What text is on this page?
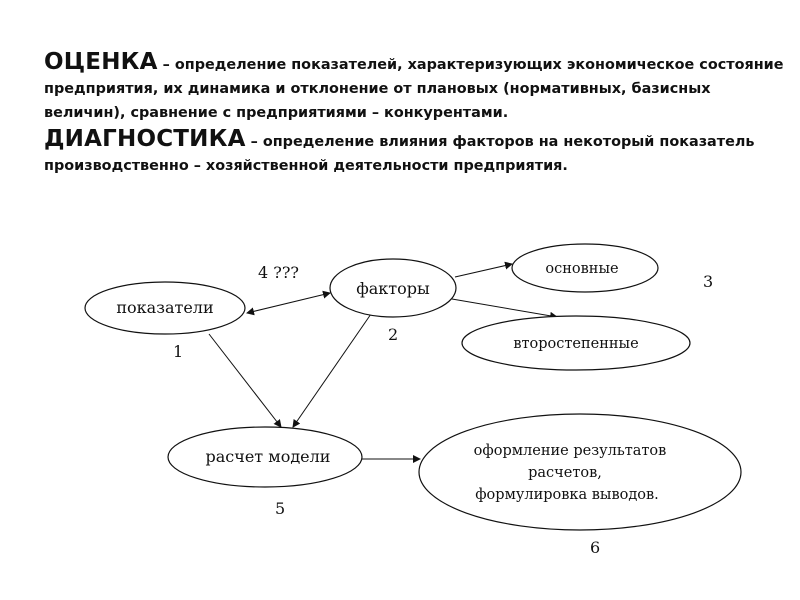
ОЦЕНКА – определение показателей, характеризующих экономическое состояние предприятия, их динамика и отклонение от плановых (нормативных, базисных величин), сравнение с предприятиями – конкурентами.

ДИАГНОСТИКА – определение влияния факторов на некоторый показатель производственно – хозяйственной деятельности предприятия.

показатели
факторы
основные
второстепенные
расчет модели	оформление результатов
расчетов,
формулировка выводов.
1
2
3
4 ???
5
6
